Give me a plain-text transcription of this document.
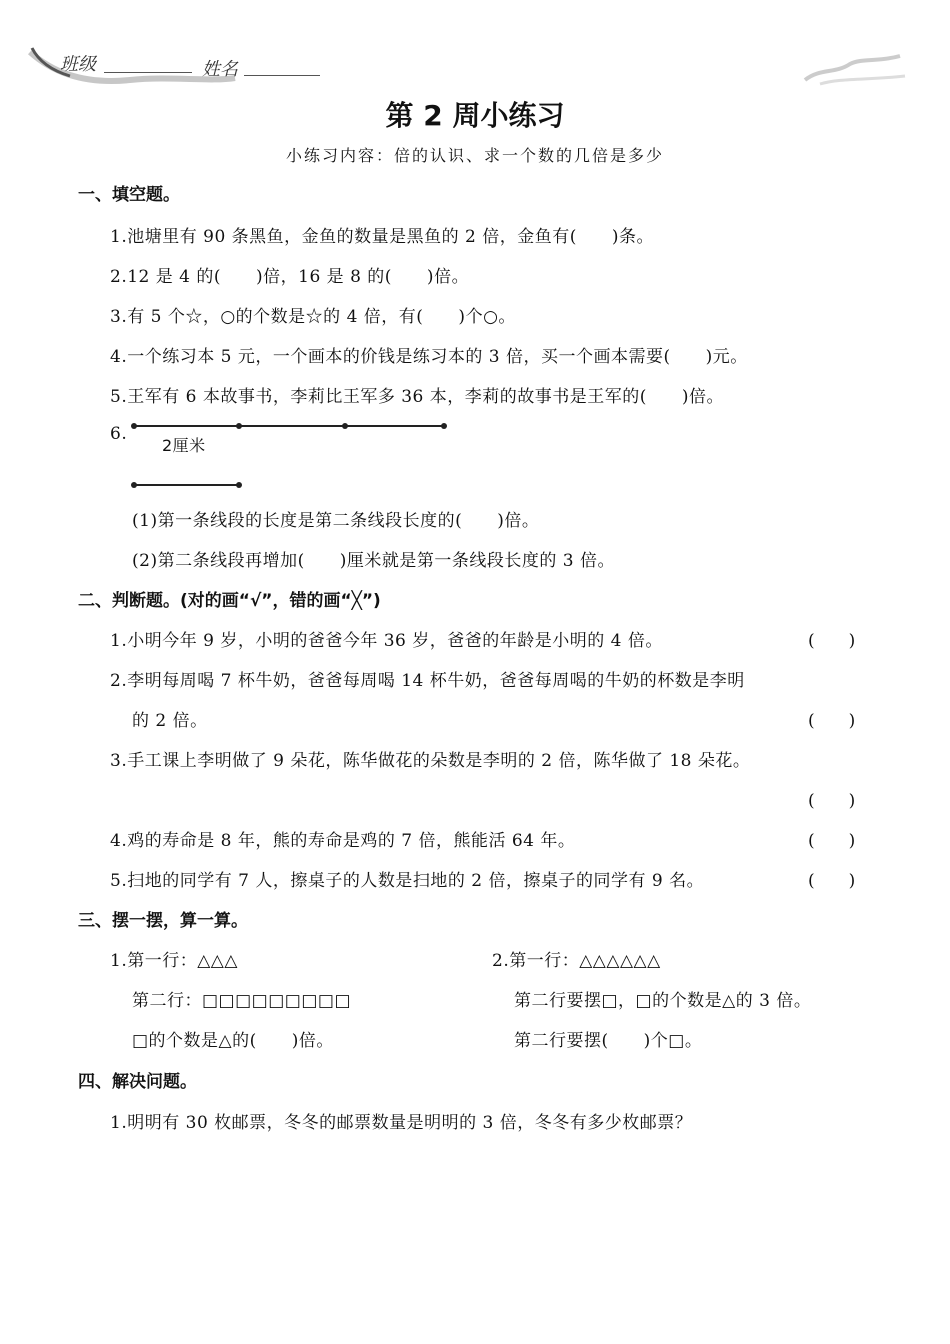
班级	姓名
第 2 周小练习
小练习内容：倍的认识、求一个数的几倍是多少
一、填空题。
1.池塘里有 90 条黑鱼，金鱼的数量是黑鱼的 2 倍，金鱼有(　　)条。
2.12 是 4 的(　　)倍，16 是 8 的(　　)倍。
3.有 5 个☆，○的个数是☆的 4 倍，有(　　)个○。
4.一个练习本 5 元，一个画本的价钱是练习本的 3 倍，买一个画本需要(　　)元。
5.王军有 6 本故事书，李莉比王军多 36 本，李莉的故事书是王军的(　　)倍。
6.
2厘米
(1)第一条线段的长度是第二条线段长度的(　　)倍。
(2)第二条线段再增加(　　)厘米就是第一条线段长度的 3 倍。
二、判断题。(对的画“√”，错的画“╳”)
1.小明今年 9 岁，小明的爸爸今年 36 岁，爸爸的年龄是小明的 4 倍。	(　　)
2.李明每周喝 7 杯牛奶，爸爸每周喝 14 杯牛奶，爸爸每周喝的牛奶的杯数是李明
的 2 倍。	(　　)
3.手工课上李明做了 9 朵花，陈华做花的朵数是李明的 2 倍，陈华做了 18 朵花。
(　　)
4.鸡的寿命是 8 年，熊的寿命是鸡的 7 倍，熊能活 64 年。	(　　)
5.扫地的同学有 7 人，擦桌子的人数是扫地的 2 倍，擦桌子的同学有 9 名。	(　　)
三、摆一摆，算一算。
1.第一行：△△△
第二行：□□□□□□□□□
□的个数是△的(　　)倍。
2.第一行：△△△△△△
第二行要摆□，□的个数是△的 3 倍。
第二行要摆(　　)个□。
四、解决问题。
1.明明有 30 枚邮票，冬冬的邮票数量是明明的 3 倍，冬冬有多少枚邮票？
